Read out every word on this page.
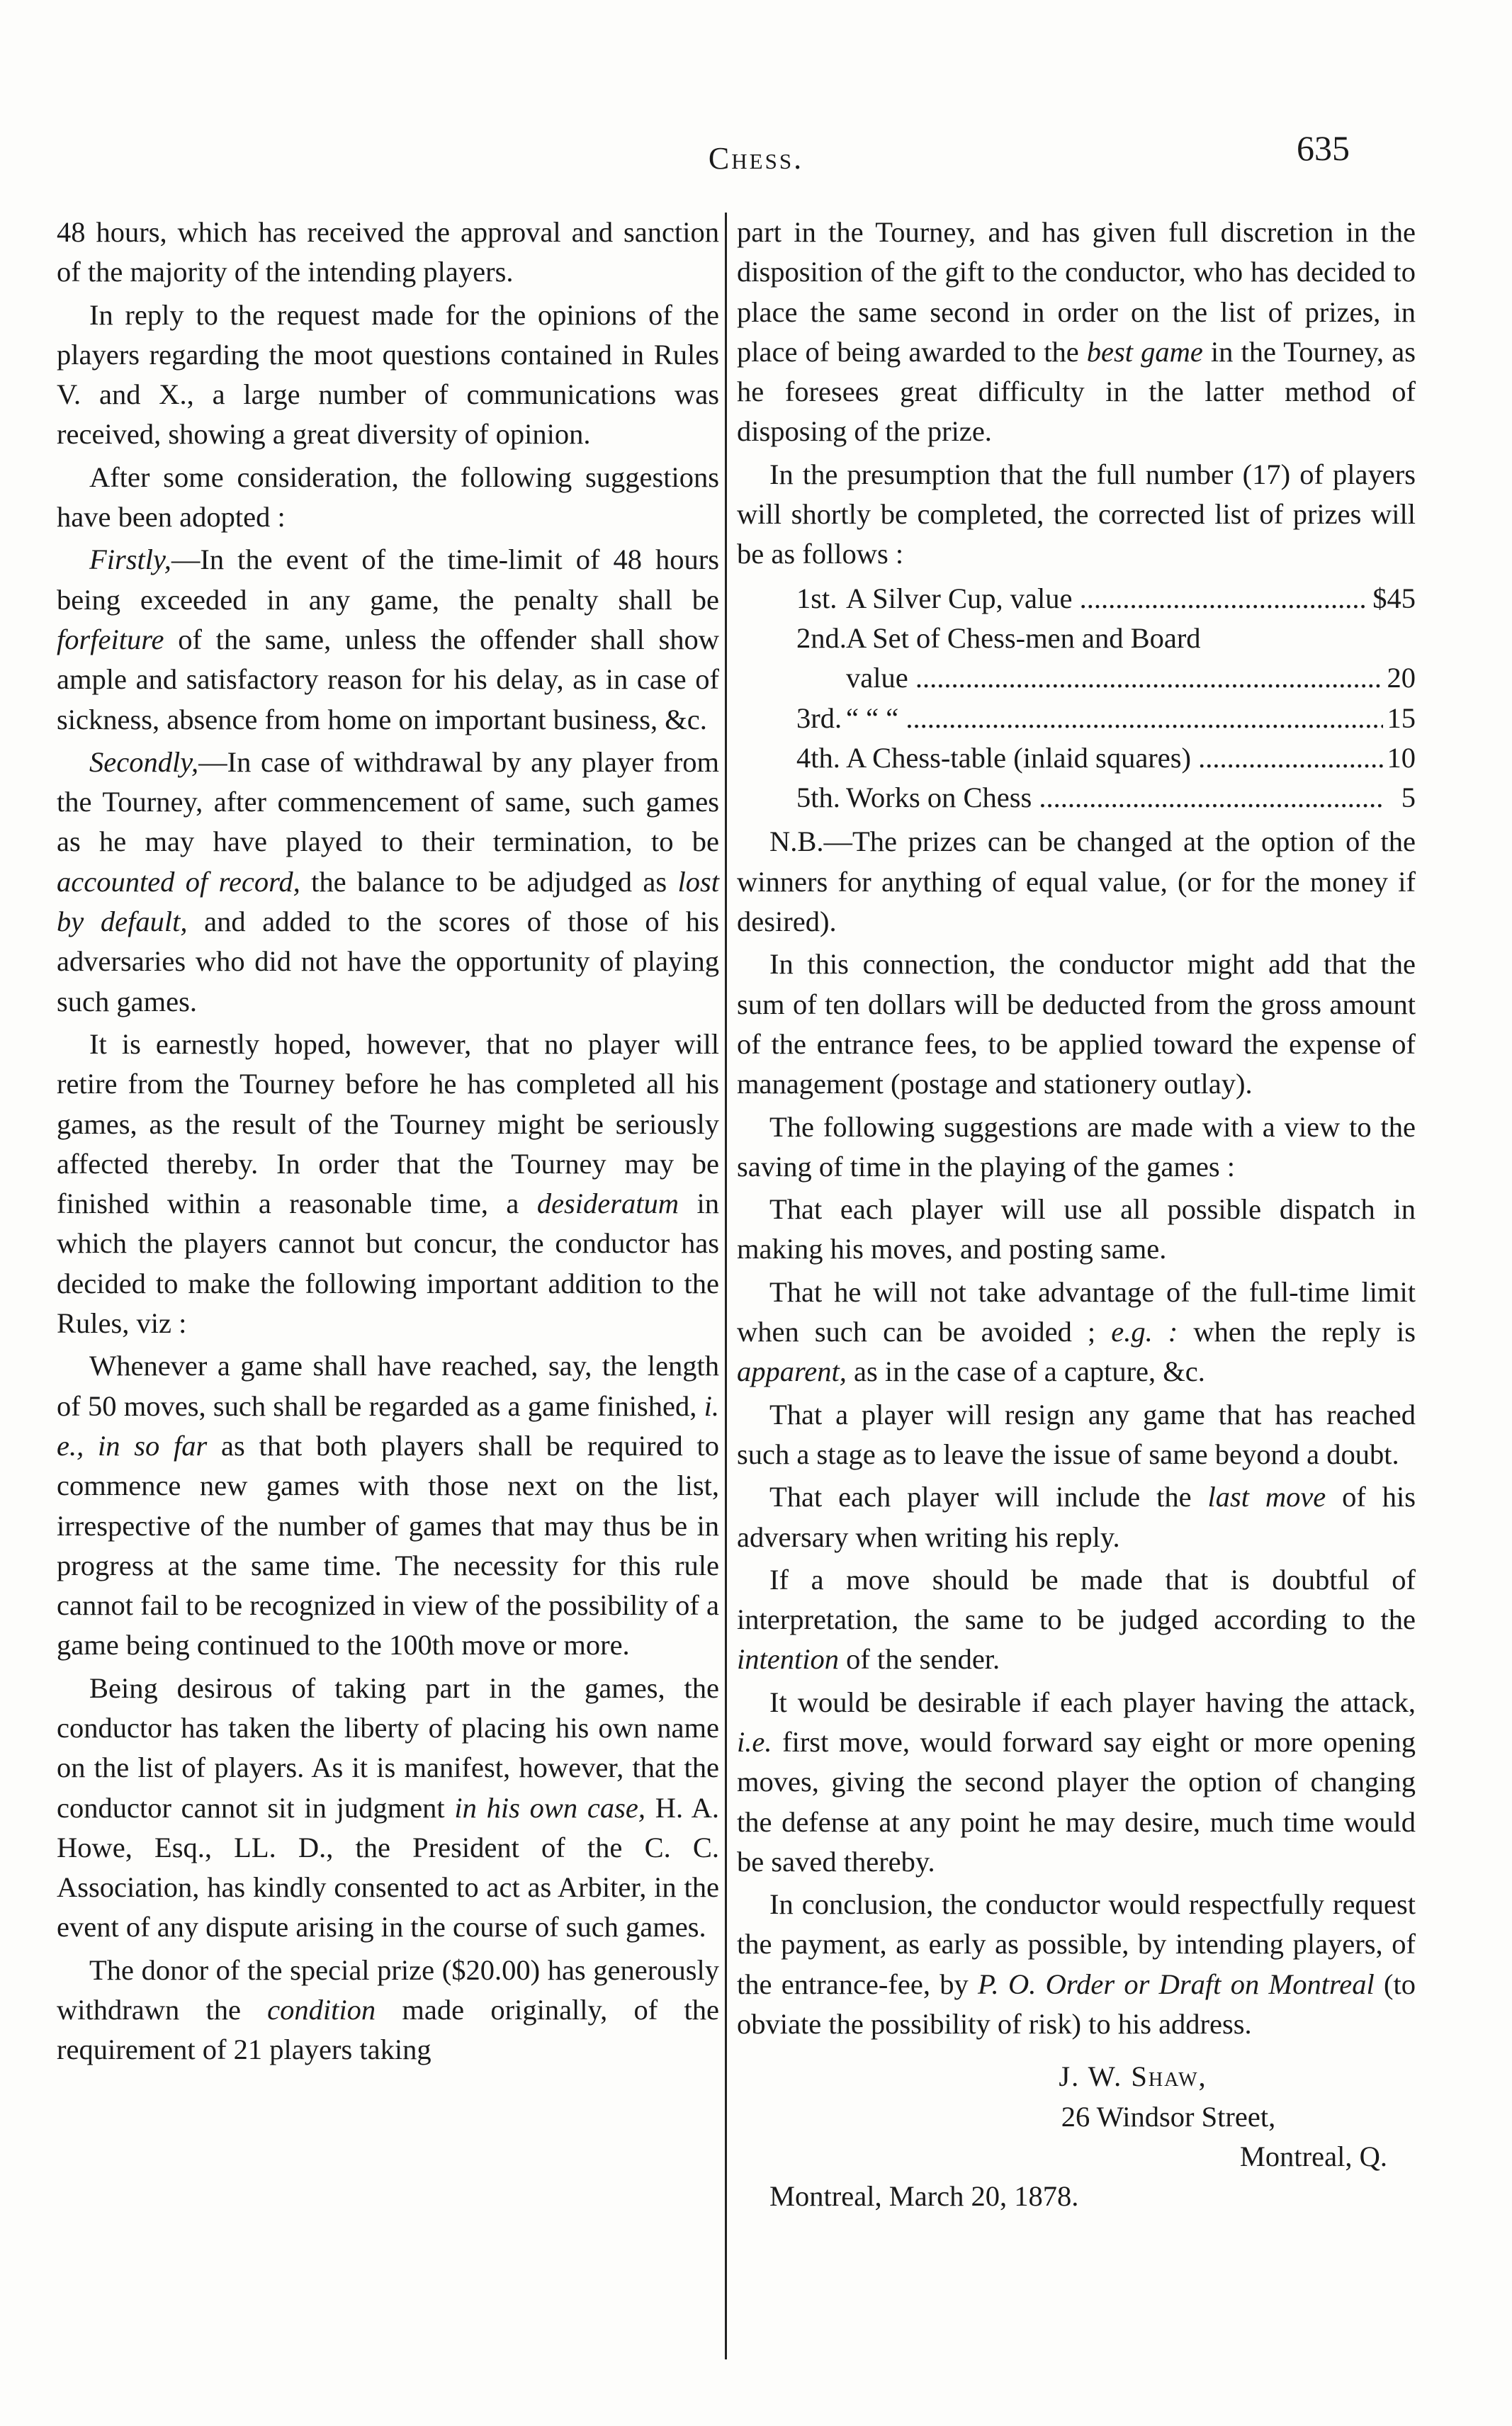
Chess.	635

48 hours, which has received the approval and sanction of the majority of the intending players.

In reply to the request made for the opinions of the players regarding the moot questions contained in Rules V. and X., a large number of communications was received, showing a great diversity of opinion.

After some consideration, the following suggestions have been adopted :

Firstly,—In the event of the time-limit of 48 hours being exceeded in any game, the penalty shall be forfeiture of the same, unless the offender shall show ample and satisfactory reason for his delay, as in case of sickness, absence from home on important business, &c.

Secondly,—In case of withdrawal by any player from the Tourney, after commencement of same, such games as he may have played to their termination, to be accounted of record, the balance to be adjudged as lost by default, and added to the scores of those of his adversaries who did not have the opportunity of playing such games.

It is earnestly hoped, however, that no player will retire from the Tourney before he has completed all his games, as the result of the Tourney might be seriously affected thereby. In order that the Tourney may be finished within a reasonable time, a desideratum in which the players cannot but concur, the conductor has decided to make the following important addition to the Rules, viz :

Whenever a game shall have reached, say, the length of 50 moves, such shall be regarded as a game finished, i. e., in so far as that both players shall be required to commence new games with those next on the list, irrespective of the number of games that may thus be in progress at the same time. The necessity for this rule cannot fail to be recognized in view of the possibility of a game being continued to the 100th move or more.

Being desirous of taking part in the games, the conductor has taken the liberty of placing his own name on the list of players. As it is manifest, however, that the conductor cannot sit in judgment in his own case, H. A. Howe, Esq., LL. D., the President of the C. C. Association, has kindly consented to act as Arbiter, in the event of any dispute arising in the course of such games.

The donor of the special prize ($20.00) has generously withdrawn the condition made originally, of the requirement of 21 players taking

part in the Tourney, and has given full discretion in the disposition of the gift to the conductor, who has decided to place the same second in order on the list of prizes, in place of being awarded to the best game in the Tourney, as he foresees great difficulty in the latter method of disposing of the prize.

In the presumption that the full number (17) of players will shortly be completed, the corrected list of prizes will be as follows :

1st. A Silver Cup, value .....	$45
2nd. A Set of Chess-men and Board
value .....	20
3rd. “ “ “ .....	15
4th. A Chess-table (inlaid squares) .....	10
5th. Works on Chess .....	5

N.B.—The prizes can be changed at the option of the winners for anything of equal value, (or for the money if desired).

In this connection, the conductor might add that the sum of ten dollars will be deducted from the gross amount of the entrance fees, to be applied toward the expense of management (postage and stationery outlay).

The following suggestions are made with a view to the saving of time in the playing of the games :

That each player will use all possible dispatch in making his moves, and posting same.

That he will not take advantage of the full-time limit when such can be avoided ; e.g. : when the reply is apparent, as in the case of a capture, &c.

That a player will resign any game that has reached such a stage as to leave the issue of same beyond a doubt.

That each player will include the last move of his adversary when writing his reply.

If a move should be made that is doubtful of interpretation, the same to be judged according to the intention of the sender.

It would be desirable if each player having the attack, i.e. first move, would forward say eight or more opening moves, giving the second player the option of changing the defense at any point he may desire, much time would be saved thereby.

In conclusion, the conductor would respectfully request the payment, as early as possible, by intending players, of the entrance-fee, by P. O. Order or Draft on Montreal (to obviate the possibility of risk) to his address.

J. W. Shaw,
26 Windsor Street,
Montreal, Q.

Montreal, March 20, 1878.
